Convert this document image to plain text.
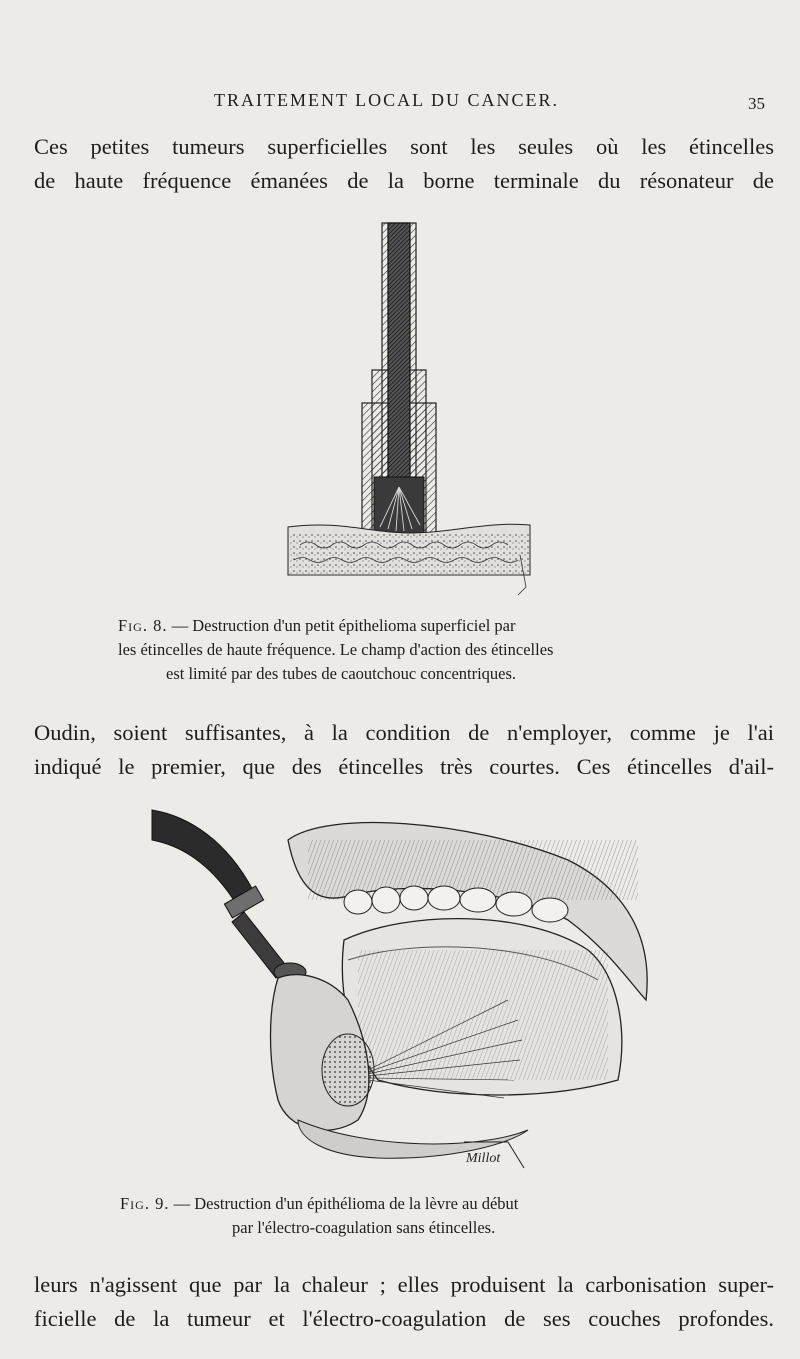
TRAITEMENT LOCAL DU CANCER.	35
Ces petites tumeurs superficielles sont les seules où les étincelles
de haute fréquence émanées de la borne terminale du résonateur de
Fig. 8. — Destruction d'un petit épithelioma superficiel par
les étincelles de haute fréquence. Le champ d'action des étincelles
est limité par des tubes de caoutchouc concentriques.
Oudin, soient suffisantes, à la condition de n'employer, comme je l'ai
indiqué le premier, que des étincelles très courtes. Ces étincelles d'ail-
Millot
Fig. 9. — Destruction d'un épithélioma de la lèvre au début
par l'électro-coagulation sans étincelles.
leurs n'agissent que par la chaleur ; elles produisent la carbonisation super-
ficielle de la tumeur et l'électro-coagulation de ses couches profondes.
